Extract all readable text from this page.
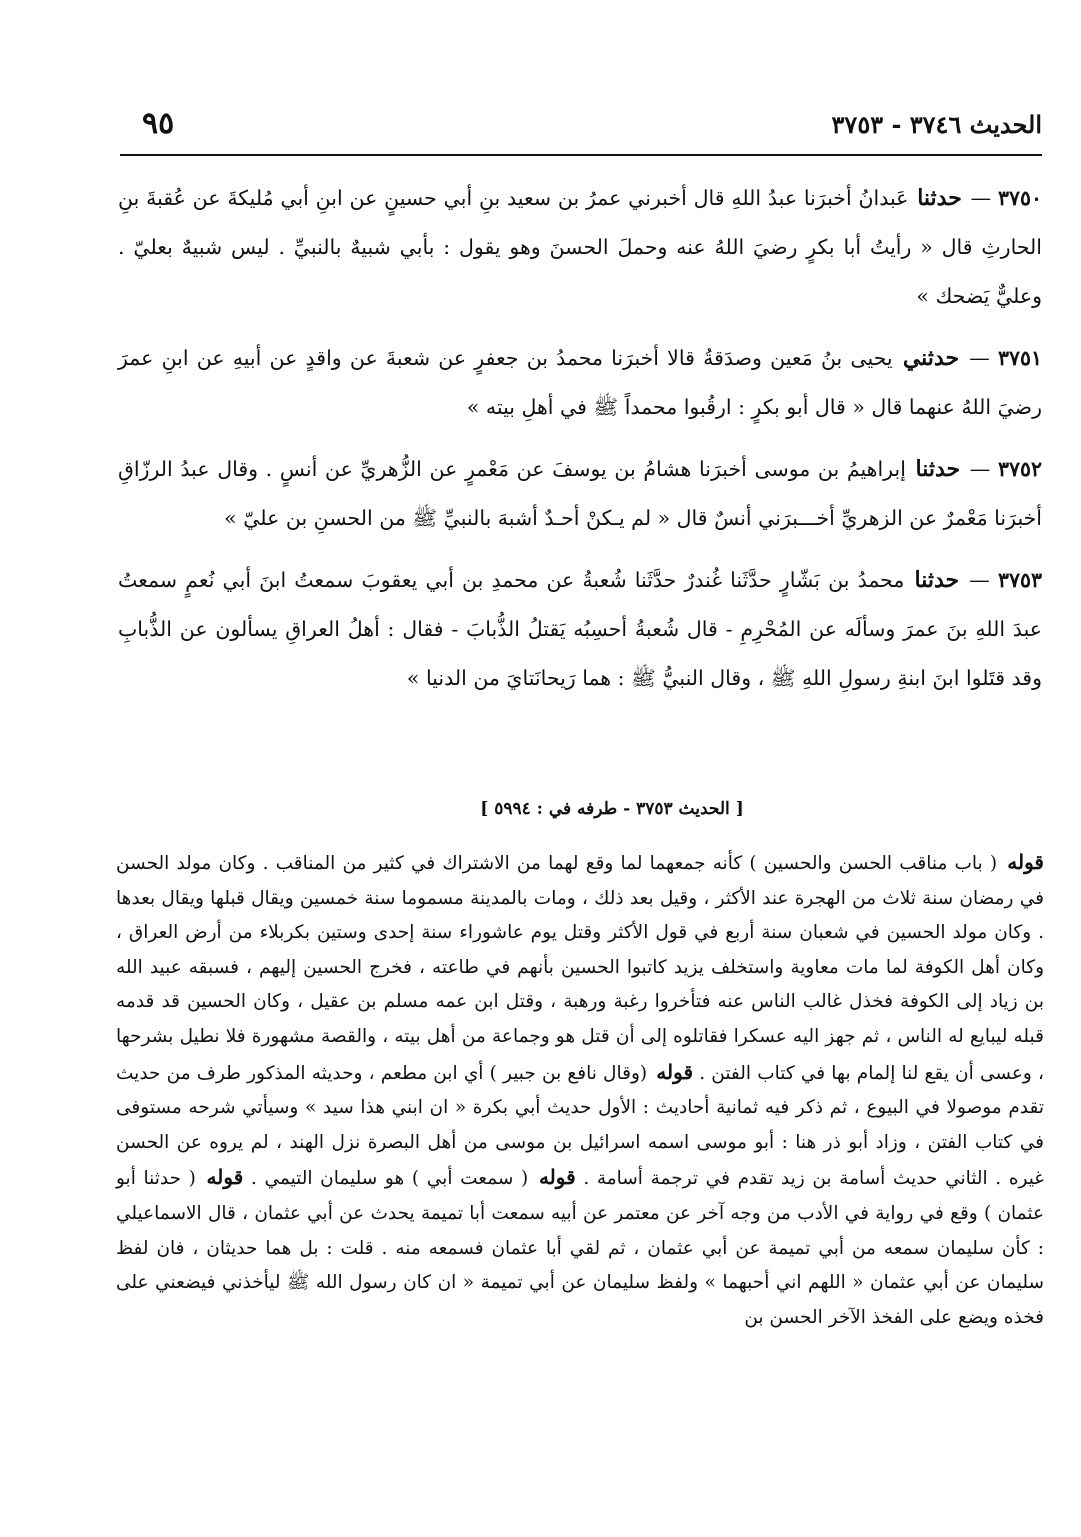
الحديث ٣٧٤٦ - ٣٧٥٣
٩٥

٣٧٥٠ — حدثنا عَبدانُ أخبرَنا عبدُ اللهِ قال أخبرني عمرُ بن سعيد بنِ أبي حسينٍ عن ابنِ أبي مُليكةَ عن عُقبةَ بنِ الحارثِ قال « رأيتُ أبا بكرٍ رضيَ اللهُ عنه وحملَ الحسنَ وهو يقول : بأبي شبيهٌ بالنبيِّ . ليس شبيهٌ بعليّ . وعليٌّ يَضحك »

٣٧٥١ — حدثني يحيى بنُ مَعين وصدَقةُ قالا أخبرَنا محمدُ بن جعفرٍ عن شعبةَ عن واقدٍ عن أبيهِ عن ابنِ عمرَ رضيَ اللهُ عنهما قال « قال أبو بكرٍ : ارقُبوا محمداً ﷺ في أهلِ بيته »

٣٧٥٢ — حدثنا إبراهيمُ بن موسى أخبرَنا هشامُ بن يوسفَ عن مَعْمرٍ عن الزُّهريِّ عن أنسٍ . وقال عبدُ الرزّاقِ أخبرَنا مَعْمرٌ عن الزهريِّ أخـــبرَني أنسٌ قال « لم يـكنْ أحـدٌ أشبهَ بالنبيِّ ﷺ من الحسنِ بن عليّ »

٣٧٥٣ — حدثنا محمدُ بن بَشّارٍ حدَّثَنا غُندرٌ حدَّثَنا شُعبةُ عن محمدِ بن أبي يعقوبَ سمعتُ ابنَ أبي نُعمٍ سمعتُ عبدَ اللهِ بنَ عمرَ وسألَه عن المُحْرِمِ - قال شُعبةُ أحسِبُه يَقتلُ الذُّبابَ - فقال : أهلُ العراقِ يسألون عن الذُّبابِ وقد قتَلوا ابنَ ابنةِ رسولِ اللهِ ﷺ ، وقال النبيُّ ﷺ : هما رَيحانَتايَ من الدنيا »

[ الحديث ٣٧٥٣ - طرفه في : ٥٩٩٤ ]
قوله ( باب مناقب الحسن والحسين ) كأنه جمعهما لما وقع لهما من الاشتراك في كثير من المناقب . وكان مولد الحسن في رمضان سنة ثلاث من الهجرة عند الأكثر ، وقيل بعد ذلك ، ومات بالمدينة مسموما سنة خمسين ويقال قبلها ويقال بعدها . وكان مولد الحسين في شعبان سنة أربع في قول الأكثر وقتل يوم عاشوراء سنة إحدى وستين بكربلاء من أرض العراق ، وكان أهل الكوفة لما مات معاوية واستخلف يزيد كاتبوا الحسين بأنهم في طاعته ، فخرج الحسين إليهم ، فسبقه عبيد الله بن زياد إلى الكوفة فخذل غالب الناس عنه فتأخروا رغبة ورهبة ، وقتل ابن عمه مسلم بن عقيل ، وكان الحسين قد قدمه قبله ليبايع له الناس ، ثم جهز اليه عسكرا فقاتلوه إلى أن قتل هو وجماعة من أهل بيته ، والقصة مشهورة فلا نطيل بشرحها ، وعسى أن يقع لنا إلمام بها في كتاب الفتن . قوله (وقال نافع بن جبير ) أي ابن مطعم ، وحديثه المذكور طرف من حديث تقدم موصولا في البيوع ، ثم ذكر فيه ثمانية أحاديث : الأول حديث أبي بكرة « ان ابني هذا سيد » وسيأتي شرحه مستوفى في كتاب الفتن ، وزاد أبو ذر هنا : أبو موسى اسمه اسرائيل بن موسى من أهل البصرة نزل الهند ، لم يروه عن الحسن غيره . الثاني حديث أسامة بن زيد تقدم في ترجمة أسامة . قوله ( سمعت أبي ) هو سليمان التيمي . قوله ( حدثنا أبو عثمان ) وقع في رواية في الأدب من وجه آخر عن معتمر عن أبيه سمعت أبا تميمة يحدث عن أبي عثمان ، قال الاسماعيلي : كأن سليمان سمعه من أبي تميمة عن أبي عثمان ، ثم لقي أبا عثمان فسمعه منه . قلت : بل هما حديثان ، فان لفظ سليمان عن أبي عثمان « اللهم اني أحبهما » ولفظ سليمان عن أبي تميمة « ان كان رسول الله ﷺ ليأخذني فيضعني على فخذه ويضع على الفخذ الآخر الحسن بن
